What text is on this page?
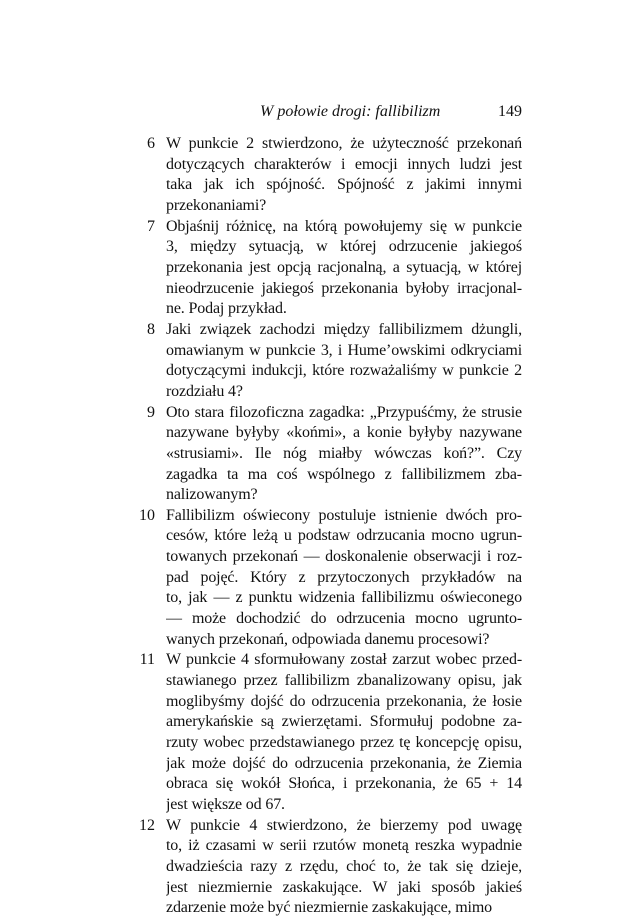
W połowie drogi: fallibilizm	149
6 W punkcie 2 stwierdzono, że użyteczność przekonań
dotyczących charakterów i emocji innych ludzi jest
taka jak ich spójność. Spójność z jakimi innymi
przekonaniami?
7 Objaśnij różnicę, na którą powołujemy się w punkcie
3, między sytuacją, w której odrzucenie jakiegoś
przekonania jest opcją racjonalną, a sytuacją, w której
nieodrzucenie jakiegoś przekonania byłoby irracjonal-
ne. Podaj przykład.
8 Jaki związek zachodzi między fallibilizmem dżungli,
omawianym w punkcie 3, i Hume’owskimi odkryciami
dotyczącymi indukcji, które rozważaliśmy w punkcie 2
rozdziału 4?
9 Oto stara filozoficzna zagadka: „Przypuśćmy, że strusie
nazywane byłyby «końmi», a konie byłyby nazywane
«strusiami». Ile nóg miałby wówczas koń?”. Czy
zagadka ta ma coś wspólnego z fallibilizmem zba-
nalizowanym?
10 Fallibilizm oświecony postuluje istnienie dwóch pro-
cesów, które leżą u podstaw odrzucania mocno ugrun-
towanych przekonań — doskonalenie obserwacji i roz-
pad pojęć. Który z przytoczonych przykładów na
to, jak — z punktu widzenia fallibilizmu oświeconego
— może dochodzić do odrzucenia mocno ugrunto-
wanych przekonań, odpowiada danemu procesowi?
11 W punkcie 4 sformułowany został zarzut wobec przed-
stawianego przez fallibilizm zbanalizowany opisu, jak
moglibyśmy dojść do odrzucenia przekonania, że łosie
amerykańskie są zwierzętami. Sformułuj podobne za-
rzuty wobec przedstawianego przez tę koncepcję opisu,
jak może dojść do odrzucenia przekonania, że Ziemia
obraca się wokół Słońca, i przekonania, że 65 + 14
jest większe od 67.
12 W punkcie 4 stwierdzono, że bierzemy pod uwagę
to, iż czasami w serii rzutów monetą reszka wypadnie
dwadzieścia razy z rzędu, choć to, że tak się dzieje,
jest niezmiernie zaskakujące. W jaki sposób jakieś
zdarzenie może być niezmiernie zaskakujące, mimo
